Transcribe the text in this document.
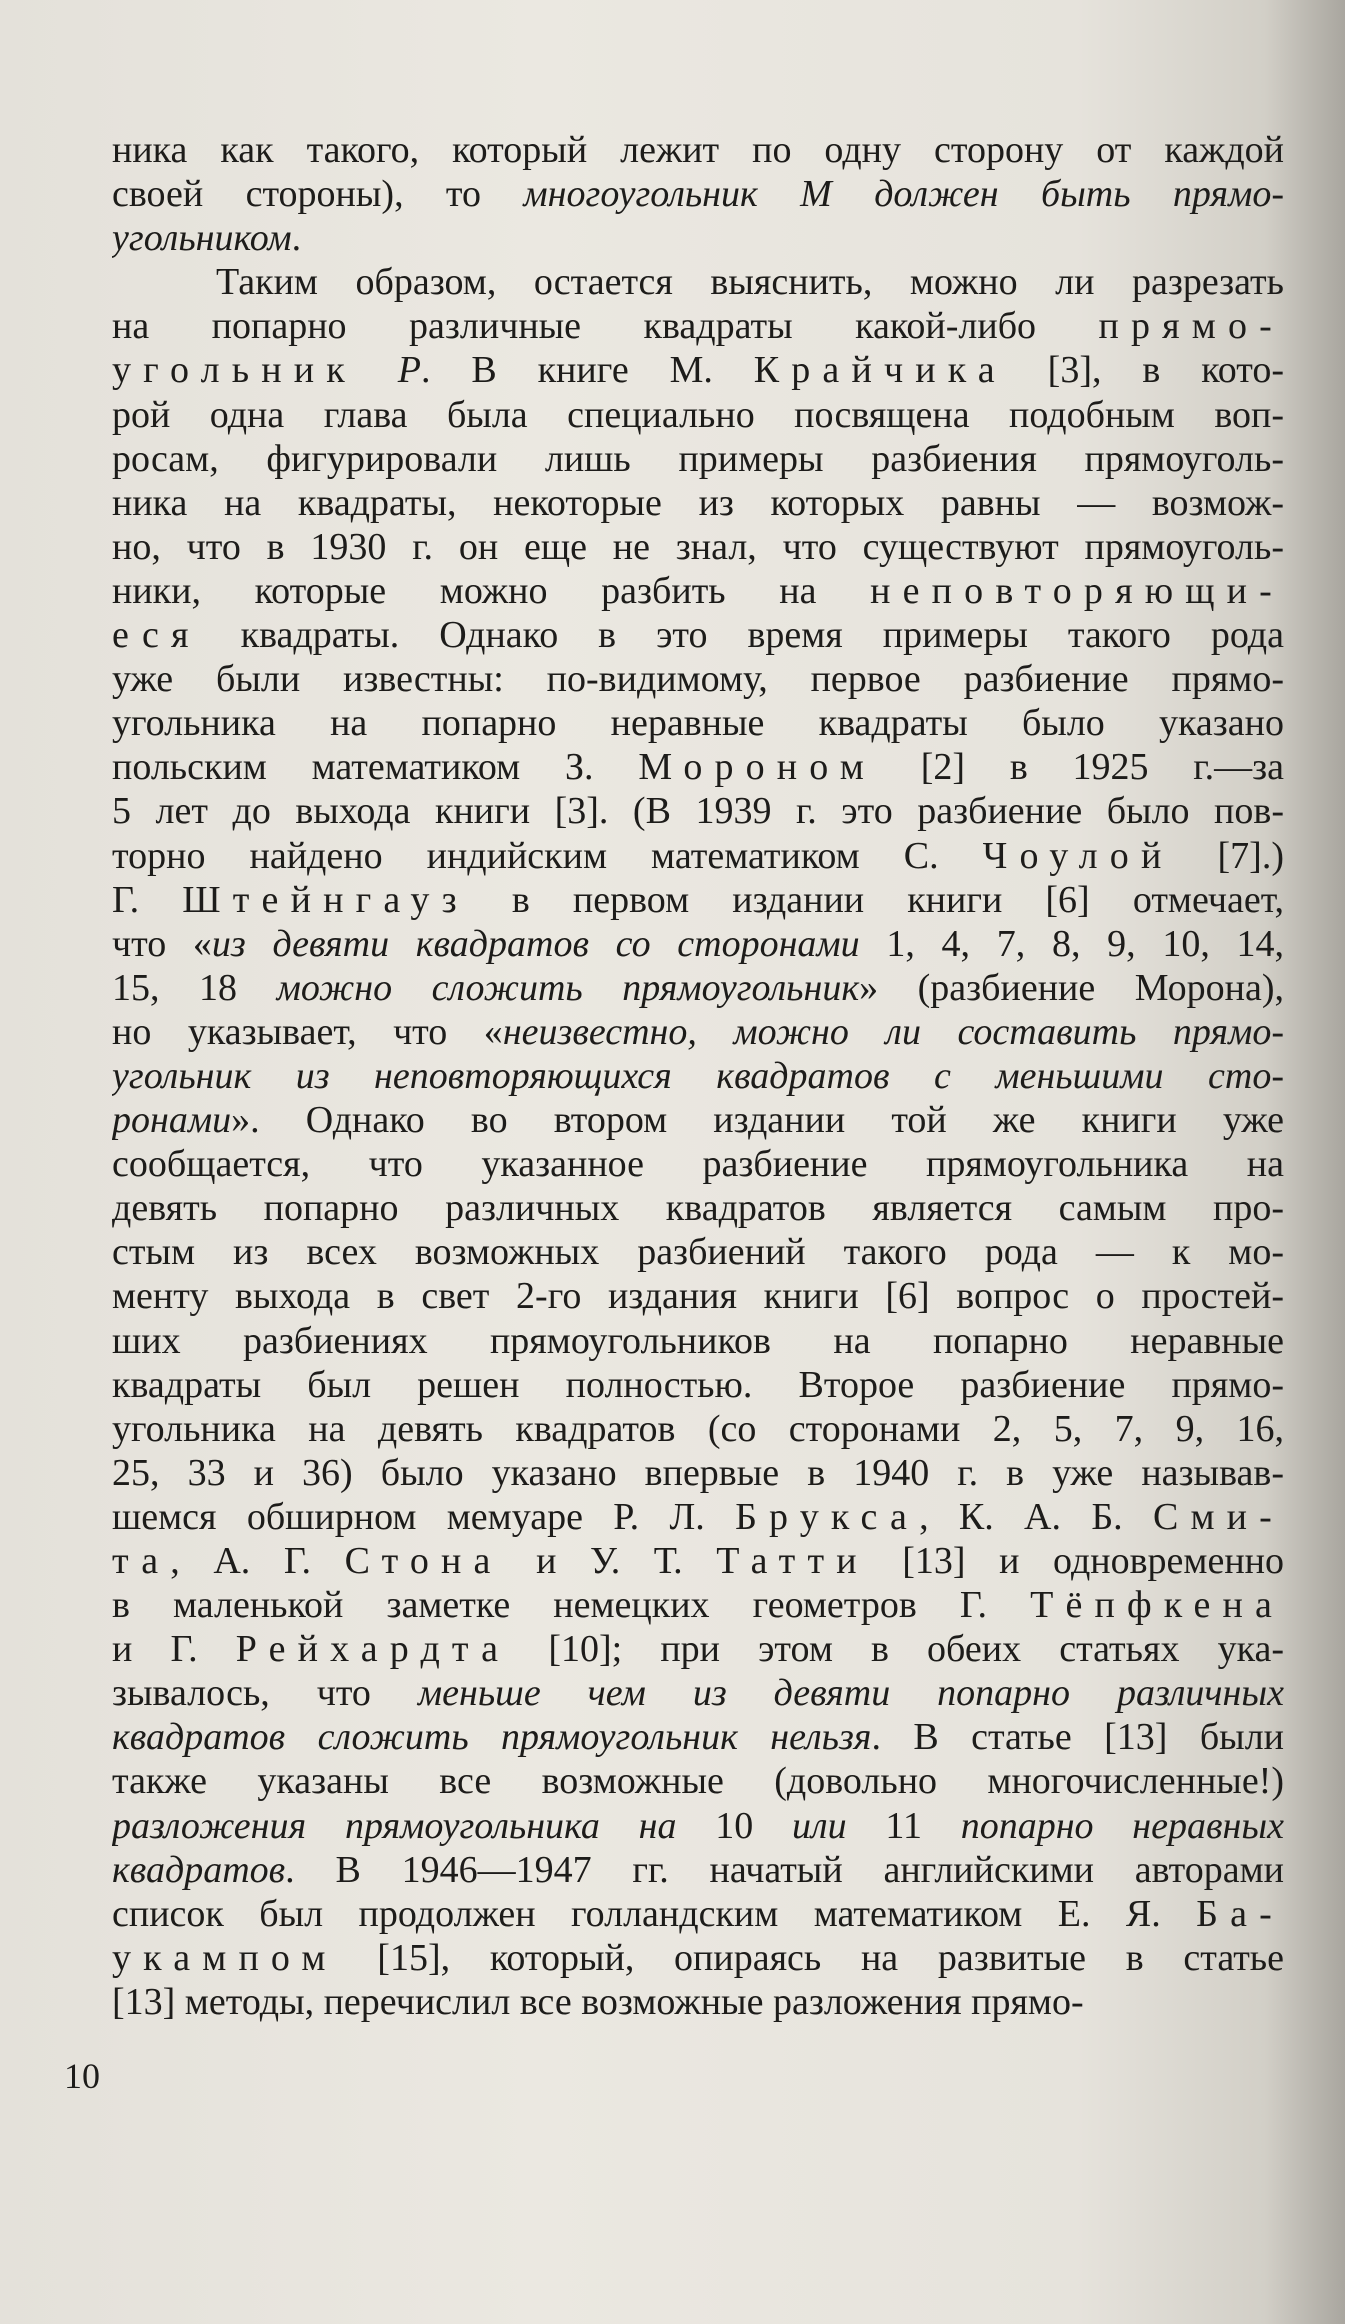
ника как такого, который лежит по одну сторону от каждой
своей стороны), то многоугольник M должен быть прямо-
угольником.
Таким образом, остается выяснить, можно ли разрезать
на попарно различные квадраты какой-либо прямо-
угольник P. В книге М. Крайчика [3], в кото-
рой одна глава была специально посвящена подобным воп-
росам, фигурировали лишь примеры разбиения прямоуголь-
ника на квадраты, некоторые из которых равны — возмож-
но, что в 1930 г. он еще не знал, что существуют прямоуголь-
ники, которые можно разбить на неповторяющи-
еся квадраты. Однако в это время примеры такого рода
уже были известны: по-видимому, первое разбиение прямо-
угольника на попарно неравные квадраты было указано
польским математиком З. Мороном [2] в 1925 г.—за
5 лет до выхода книги [3]. (В 1939 г. это разбиение было пов-
торно найдено индийским математиком С. Чоулой [7].)
Г. Штейнгауз в первом издании книги [6] отмечает,
что «из девяти квадратов со сторонами 1, 4, 7, 8, 9, 10, 14,
15, 18 можно сложить прямоугольник» (разбиение Морона),
но указывает, что «неизвестно, можно ли составить прямо-
угольник из неповторяющихся квадратов с меньшими сто-
ронами». Однако во втором издании той же книги уже
сообщается, что указанное разбиение прямоугольника на
девять попарно различных квадратов является самым про-
стым из всех возможных разбиений такого рода — к мо-
менту выхода в свет 2-го издания книги [6] вопрос о простей-
ших разбиениях прямоугольников на попарно неравные
квадраты был решен полностью. Второе разбиение прямо-
угольника на девять квадратов (со сторонами 2, 5, 7, 9, 16,
25, 33 и 36) было указано впервые в 1940 г. в уже называв-
шемся обширном мемуаре Р. Л. Брукса, К. А. Б. Сми-
та, А. Г. Стона и У. Т. Татти [13] и одновременно
в маленькой заметке немецких геометров Г. Тёпфкена
и Г. Рейхардта [10]; при этом в обеих статьях ука-
зывалось, что меньше чем из девяти попарно различных
квадратов сложить прямоугольник нельзя. В статье [13] были
также указаны все возможные (довольно многочисленные!)
разложения прямоугольника на 10 или 11 попарно неравных
квадратов. В 1946—1947 гг. начатый английскими авторами
список был продолжен голландским математиком Е. Я. Ба-
укампом [15], который, опираясь на развитые в статье
[13] методы, перечислил все возможные разложения прямо-
10
